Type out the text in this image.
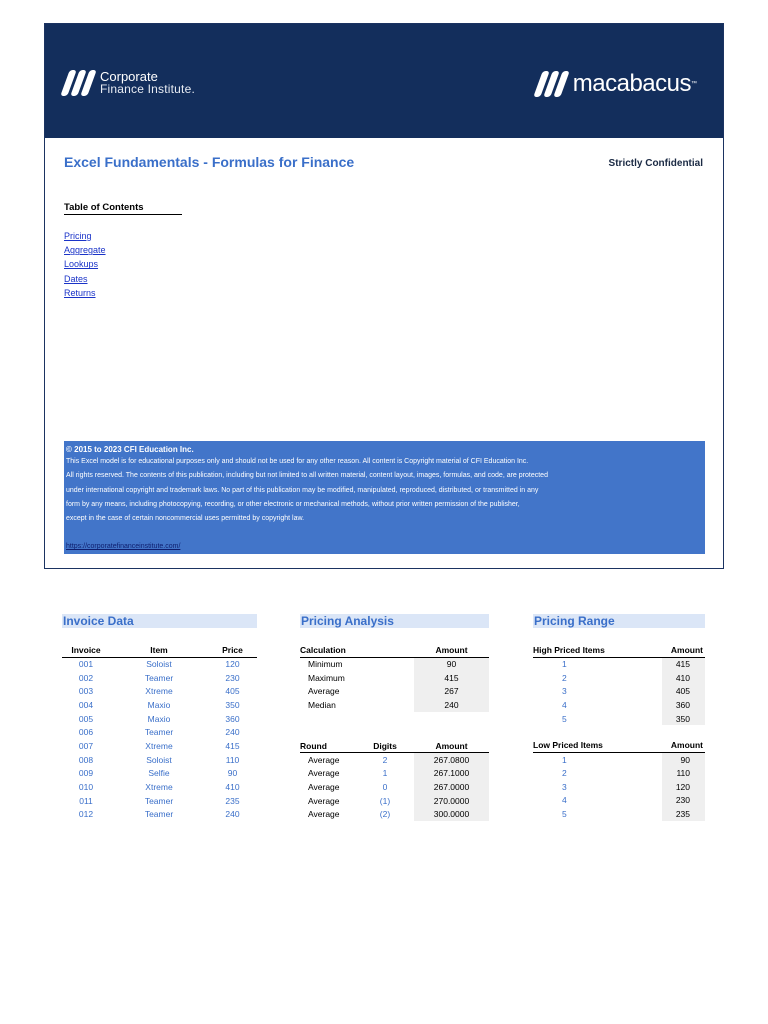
Corporate
Finance Institute.	macabacus ™
Excel Fundamentals - Formulas for Finance	Strictly Confidential
Table of Contents
Pricing
Aggregate
Lookups
Dates
Returns
© 2015 to 2023 CFI Education Inc.
This Excel model is for educational purposes only and should not be used for any other reason. All content is Copyright material of CFI Education Inc.
All rights reserved. The contents of this publication, including but not limited to all written material, content layout, images, formulas, and code, are protected
under international copyright and trademark laws. No part of this publication may be modified, manipulated, reproduced, distributed, or transmitted in any
form by any means, including photocopying, recording, or other electronic or mechanical methods, without prior written permission of the publisher,
except in the case of certain noncommercial uses permitted by copyright law.
https://corporatefinanceinstitute.com/
Invoice Data
Invoice	Item	Price
001	Soloist	120
002	Teamer	230
003	Xtreme	405
004	Maxio	350
005	Maxio	360
006	Teamer	240
007	Xtreme	415
008	Soloist	110
009	Selfie	90
010	Xtreme	410
011	Teamer	235
012	Teamer	240
Pricing Analysis
Calculation	Amount
Minimum	90
Maximum	415
Average	267
Median	240
Round	Digits	Amount
Average	2	267.0800
Average	1	267.1000
Average	0	267.0000
Average	(1)	270.0000
Average	(2)	300.0000
Pricing Range
High Priced Items	Amount
1	415
2	410
3	405
4	360
5	350
Low Priced Items	Amount
1	90
2	110
3	120
4	230
5	235
